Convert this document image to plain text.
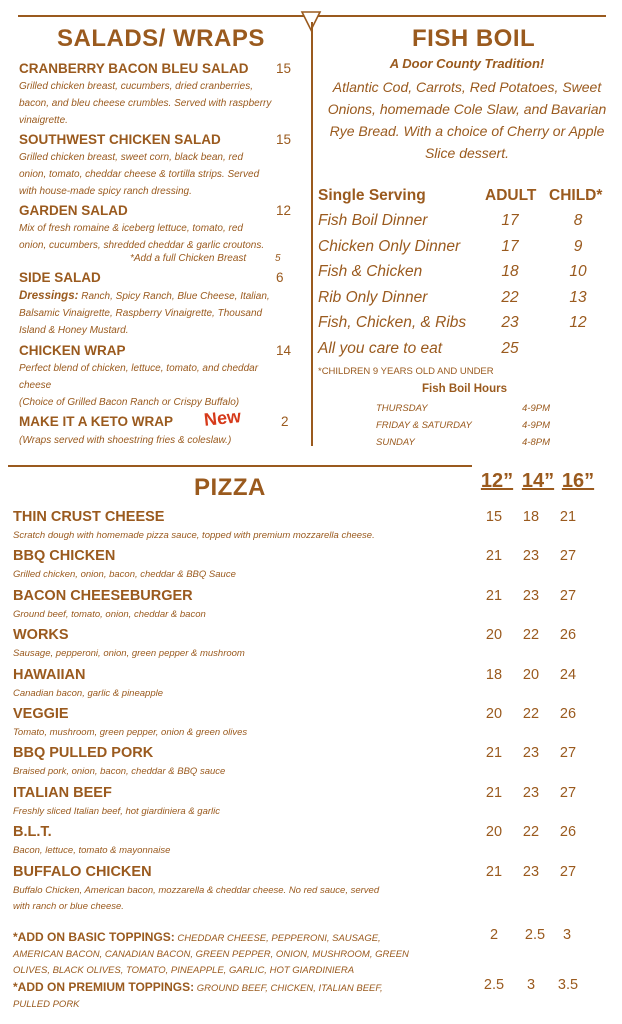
SALADS/ WRAPS
CRANBERRY BACON BLEU SALAD 15
Grilled chicken breast, cucumbers, dried cranberries,
bacon, and bleu cheese crumbles. Served with raspberry
vinaigrette.
SOUTHWEST CHICKEN SALAD	15
Grilled chicken breast, sweet corn, black bean, red
onion, tomato, cheddar cheese & tortilla strips. Served
with house-made spicy ranch dressing.
GARDEN SALAD	12
Mix of fresh romaine & iceberg lettuce, tomato, red
onion, cucumbers, shredded cheddar & garlic croutons.
*Add a full Chicken Breast	5
SIDE SALAD	6
Dressings: Ranch, Spicy Ranch, Blue Cheese, Italian,
Balsamic Vinaigrette, Raspberry Vinaigrette, Thousand
Island & Honey Mustard.
CHICKEN WRAP	14
Perfect blend of chicken, lettuce, tomato, and cheddar
cheese
(Choice of Grilled Bacon Ranch or Crispy Buffalo)
MAKE IT A KETO WRAP New	2
(Wraps served with shoestring fries & coleslaw.)
FISH BOIL
A Door County Tradition!
Atlantic Cod, Carrots, Red Potatoes, Sweet
Onions, homemade Cole Slaw, and Bavarian
Rye Bread. With a choice of Cherry or Apple
Slice dessert.
Single Serving	ADULT CHILD*
Fish Boil Dinner	17	8
Chicken Only Dinner	17	9
Fish & Chicken	18	10
Rib Only Dinner	22	13
Fish, Chicken, & Ribs	23	12
All you care to eat	25
*CHILDREN 9 YEARS OLD AND UNDER
Fish Boil Hours
THURSDAY	4-9PM
FRIDAY & SATURDAY	4-9PM
SUNDAY	4-8PM
PIZZA	12” 14” 16”
THIN CRUST CHEESE
Scratch dough with homemade pizza sauce, topped with premium mozzarella cheese.
15	18	21
BBQ CHICKEN
Grilled chicken, onion, bacon, cheddar & BBQ Sauce
21	23	27
BACON CHEESEBURGER
Ground beef, tomato, onion, cheddar & bacon
21	23	27
WORKS
Sausage, pepperoni, onion, green pepper & mushroom
20	22	26
HAWAIIAN
Canadian bacon, garlic & pineapple
18	20	24
VEGGIE
Tomato, mushroom, green pepper, onion & green olives
20	22	26
BBQ PULLED PORK
Braised pork, onion, bacon, cheddar & BBQ sauce
21	23	27
ITALIAN BEEF
Freshly sliced Italian beef, hot giardiniera & garlic
21	23	27
B.L.T.
Bacon, lettuce, tomato & mayonnaise
20	22	26
BUFFALO CHICKEN
Buffalo Chicken, American bacon, mozzarella & cheddar cheese. No red sauce, served
with ranch or blue cheese.
21	23	27
*ADD ON BASIC TOPPINGS: CHEDDAR CHEESE, PEPPERONI, SAUSAGE,
AMERICAN BACON, CANADIAN BACON, GREEN PEPPER, ONION, MUSHROOM, GREEN
OLIVES, BLACK OLIVES, TOMATO, PINEAPPLE, GARLIC, HOT GIARDINIERA
2	2.5	3
*ADD ON PREMIUM TOPPINGS: GROUND BEEF, CHICKEN, ITALIAN BEEF,
PULLED PORK
2.5	3	3.5
